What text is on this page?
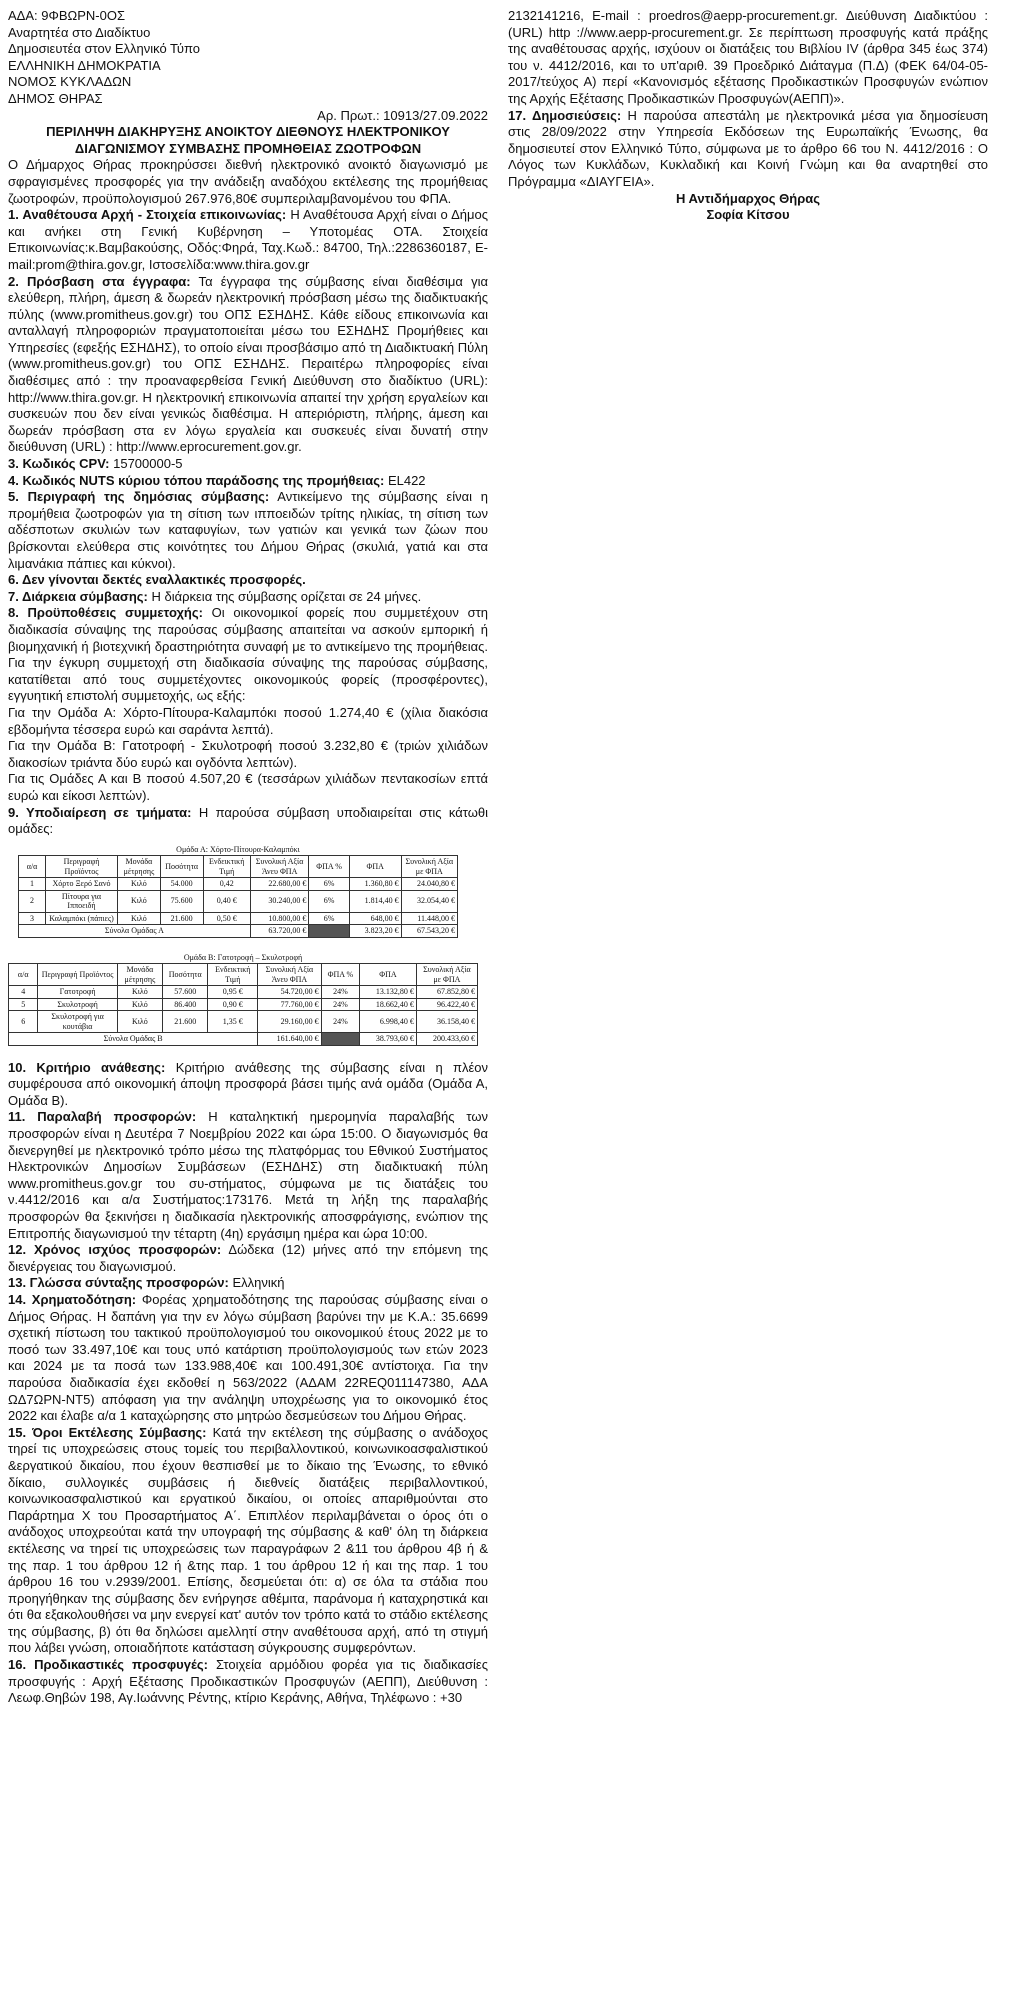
ΑΔΑ: 9ΦΒΩΡΝ-0ΟΣ
Αναρτητέα στο Διαδίκτυο
Δημοσιευτέα στον Ελληνικό Τύπο
ΕΛΛΗΝΙΚΗ ΔΗΜΟΚΡΑΤΙΑ
ΝΟΜΟΣ ΚΥΚΛΑΔΩΝ
ΔΗΜΟΣ ΘΗΡΑΣ
Αρ. Πρωτ.: 10913/27.09.2022
ΠΕΡΙΛΗΨΗ ΔΙΑΚΗΡΥΞΗΣ ΑΝΟΙΚΤΟΥ ΔΙΕΘΝΟΥΣ ΗΛΕΚΤΡΟΝΙΚΟΥ
ΔΙΑΓΩΝΙΣΜΟΥ ΣΥΜΒΑΣΗΣ ΠΡΟΜΗΘΕΙΑΣ ΖΩΟΤΡΟΦΩΝ

Ο Δήμαρχος Θήρας προκηρύσσει διεθνή ηλεκτρονικό ανοικτό διαγωνισμό με σφραγισμένες προσφορές για την ανάδειξη αναδόχου εκτέλεσης της προμήθειας ζωοτροφών, προϋπολογισμού 267.976,80€ συμπεριλαμβανομένου του ΦΠΑ.

1. Αναθέτουσα Αρχή - Στοιχεία επικοινωνίας: Η Αναθέτουσα Αρχή είναι ο Δήμος και ανήκει στη Γενική Κυβέρνηση – Υποτομέας ΟΤΑ. Στοιχεία Επικοινωνίας:κ.Βαμβακούσης, Οδός:Φηρά, Ταχ.Κωδ.: 84700, Τηλ.:2286360187, E-mail:prom@thira.gov.gr, Ιστοσελίδα:www.thira.gov.gr

2. Πρόσβαση στα έγγραφα: Τα έγγραφα της σύμβασης είναι διαθέσιμα για ελεύθερη, πλήρη, άμεση & δωρεάν ηλεκτρονική πρόσβαση μέσω της διαδικτυακής πύλης (www.promitheus.gov.gr) του ΟΠΣ ΕΣΗΔΗΣ. Κάθε είδους επικοινωνία και ανταλλαγή πληροφοριών πραγματοποιείται μέσω του ΕΣΗΔΗΣ Προμήθειες και Υπηρεσίες (εφεξής ΕΣΗΔΗΣ), το οποίο είναι προσβάσιμο από τη Διαδικτυακή Πύλη (www.promitheus.gov.gr) του ΟΠΣ ΕΣΗΔΗΣ. Περαιτέρω πληροφορίες είναι διαθέσιμες από : την προαναφερθείσα Γενική Διεύθυνση στο διαδίκτυο (URL): http://www.thira.gov.gr. Η ηλεκτρονική επικοινωνία απαιτεί την χρήση εργαλείων και συσκευών που δεν είναι γενικώς διαθέσιμα. Η απεριόριστη, πλήρης, άμεση και δωρεάν πρόσβαση στα εν λόγω εργαλεία και συσκευές είναι δυνατή στην διεύθυνση (URL) : http://www.eprocurement.gov.gr.

3. Κωδικός CPV: 15700000-5

4. Κωδικός NUTS κύριου τόπου παράδοσης της προμήθειας: EL422

5. Περιγραφή της δημόσιας σύμβασης: Αντικείμενο της σύμβασης είναι η προμήθεια ζωοτροφών για τη σίτιση των ιπποειδών τρίτης ηλικίας, τη σίτιση των αδέσποτων σκυλιών των καταφυγίων, των γατιών και γενικά των ζώων που βρίσκονται ελεύθερα στις κοινότητες του Δήμου Θήρας (σκυλιά, γατιά και στα λιμανάκια πάπιες και κύκνοι).

6. Δεν γίνονται δεκτές εναλλακτικές προσφορές.

7. Διάρκεια σύμβασης: Η διάρκεια της σύμβασης ορίζεται σε 24 μήνες.

8. Προϋποθέσεις συμμετοχής: Οι οικονομικοί φορείς που συμμετέχουν στη διαδικασία σύναψης της παρούσας σύμβασης απαιτείται να ασκούν εμπορική ή βιομηχανική ή βιοτεχνική δραστηριότητα συναφή με το αντικείμενο της προμήθειας. Για την έγκυρη συμμετοχή στη διαδικασία σύναψης της παρούσας σύμβασης, κατατίθεται από τους συμμετέχοντες οικονομικούς φορείς (προσφέροντες), εγγυητική επιστολή συμμετοχής, ως εξής:

Για την Ομάδα Α: Χόρτο-Πίτουρα-Καλαμπόκι ποσού 1.274,40 € (χίλια διακόσια εβδομήντα τέσσερα ευρώ και σαράντα λεπτά).

Για την Ομάδα Β: Γατοτροφή - Σκυλοτροφή ποσού 3.232,80 € (τριών χιλιάδων διακοσίων τριάντα δύο ευρώ και ογδόντα λεπτών).

Για τις Ομάδες Α και Β ποσού 4.507,20 € (τεσσάρων χιλιάδων πεντακοσίων επτά ευρώ και είκοσι λεπτών).

9. Υποδιαίρεση σε τμήματα: Η παρούσα σύμβαση υποδιαιρείται στις κάτωθι ομάδες:

Ομάδα Α: Χόρτο-Πίτουρα-Καλαμπόκι								
α/α	Περιγραφή Προϊόντος	Μονάδα μέτρησης	Ποσότητα	Ενδεικτική Τιμή	Συνολική Αξία Άνευ ΦΠΑ	ΦΠΑ %	ΦΠΑ	Συνολική Αξία με ΦΠΑ
1	Χόρτο Ξερό Σανό	Κιλό	54.000	0,42	22.680,00 €	6%	1.360,80 €	24.040,80 €
2	Πίτουρα για Ιπποειδή	Κιλό	75.600	0,40 €	30.240,00 €	6%	1.814,40 €	32.054,40 €
3	Καλαμπόκι (πάπιες)	Κιλό	21.600	0,50 €	10.800,00 €	6%	648,00 €	11.448,00 €
Σύνολα Ομάδας Α					63.720,00 €		3.823,20 €	67.543,20 €
Ομάδα Β: Γατοτροφή – Σκυλοτροφή								
α/α	Περιγραφή Προϊόντος	Μονάδα μέτρησης	Ποσότητα	Ενδεικτική Τιμή	Συνολική Αξία Άνευ ΦΠΑ	ΦΠΑ %	ΦΠΑ	Συνολική Αξία με ΦΠΑ
4	Γατοτροφή	Κιλό	57.600	0,95 €	54.720,00 €	24%	13.132,80 €	67.852,80 €
5	Σκυλοτροφή	Κιλό	86.400	0,90 €	77.760,00 €	24%	18.662,40 €	96.422,40 €
6	Σκυλοτροφή για κουτάβια	Κιλό	21.600	1,35 €	29.160,00 €	24%	6.998,40 €	36.158,40 €
Σύνολα Ομάδας Β					161.640,00 €		38.793,60 €	200.433,60 €

10. Κριτήριο ανάθεσης: Κριτήριο ανάθεσης της σύμβασης είναι η πλέον συμφέρουσα από οικονομική άποψη προσφορά βάσει τιμής ανά ομάδα (Ομάδα Α, Ομάδα Β).

11. Παραλαβή προσφορών: Η καταληκτική ημερομηνία παραλαβής των προσφορών είναι η Δευτέρα 7 Νοεμβρίου 2022 και ώρα 15:00. Ο διαγωνισμός θα διενεργηθεί με ηλεκτρονικό τρόπο μέσω της πλατφόρμας του Εθνικού Συστήματος Ηλεκτρονικών Δημοσίων Συμβάσεων (ΕΣΗΔΗΣ) στη διαδικτυακή πύλη www.promitheus.gov.gr του συ-στήματος, σύμφωνα με τις διατάξεις του ν.4412/2016 και α/α Συστήματος:173176. Μετά τη λήξη της παραλαβής προσφορών θα ξεκινήσει η διαδικασία ηλεκτρονικής αποσφράγισης, ενώπιον της Επιτροπής διαγωνισμού την τέταρτη (4η) εργάσιμη ημέρα και ώρα 10:00.

12. Χρόνος ισχύος προσφορών: Δώδεκα (12) μήνες από την επόμενη της διενέργειας του διαγωνισμού.

13. Γλώσσα σύνταξης προσφορών: Ελληνική

14. Χρηματοδότηση: Φορέας χρηματοδότησης της παρούσας σύμβασης είναι ο Δήμος Θήρας. Η δαπάνη για την εν λόγω σύμβαση βαρύνει την με Κ.Α.: 35.6699 σχετική πίστωση του τακτικού προϋπολογισμού του οικονομικού έτους 2022 με το ποσό των 33.497,10€ και τους υπό κατάρτιση προϋπολογισμούς των ετών 2023 και 2024 με τα ποσά των 133.988,40€ και 100.491,30€ αντίστοιχα. Για την παρούσα διαδικασία έχει εκδοθεί η 563/2022 (ΑΔΑΜ 22REQ011147380, ΑΔΑ ΩΔ7ΩΡΝ-ΝΤ5) απόφαση για την ανάληψη υποχρέωσης για το οικονομικό έτος 2022 και έλαβε α/α 1 καταχώρησης στο μητρώο δεσμεύσεων του Δήμου Θήρας.

15. Όροι Εκτέλεσης Σύμβασης: Κατά την εκτέλεση της σύμβασης ο ανάδοχος τηρεί τις υποχρεώσεις στους τομείς του περιβαλλοντικού, κοινωνικοασφαλιστικού &εργατικού δικαίου, που έχουν θεσπισθεί με το δίκαιο της Ένωσης, το εθνικό δίκαιο, συλλογικές συμβάσεις ή διεθνείς διατάξεις περιβαλλοντικού, κοινωνικοασφαλιστικού και εργατικού δικαίου, οι οποίες απαριθμούνται στο Παράρτημα Χ του Προσαρτήματος Α΄. Επιπλέον περιλαμβάνεται ο όρος ότι ο ανάδοχος υποχρεούται κατά την υπογραφή της σύμβασης & καθ' όλη τη διάρκεια εκτέλεσης να τηρεί τις υποχρεώσεις των παραγράφων 2 &11 του άρθρου 4β ή & της παρ. 1 του άρθρου 12 ή &της παρ. 1 του άρθρου 12 ή και της παρ. 1 του άρθρου 16 του ν.2939/2001. Επίσης, δεσμεύεται ότι: α) σε όλα τα στάδια που προηγήθηκαν της σύμβασης δεν ενήργησε αθέμιτα, παράνομα ή καταχρηστικά και ότι θα εξακολουθήσει να μην ενεργεί κατ' αυτόν τον τρόπο κατά το στάδιο εκτέλεσης της σύμβασης, β) ότι θα δηλώσει αμελλητί στην αναθέτουσα αρχή, από τη στιγμή που λάβει γνώση, οποιαδήποτε κατάσταση σύγκρουσης συμφερόντων.

16. Προδικαστικές προσφυγές: Στοιχεία αρμόδιου φορέα για τις διαδικασίες προσφυγής : Αρχή Εξέτασης Προδικαστικών Προσφυγών (ΑΕΠΠ), Διεύθυνση : Λεωφ.Θηβών 198, Αγ.Ιωάννης Ρέντης, κτίριο Κεράνης, Αθήνα, Τηλέφωνο : +30

2132141216, E-mail : proedros@aepp-procurement.gr. Διεύθυνση Διαδικτύου : (URL) http ://www.aepp-procurement.gr. Σε περίπτωση προσφυγής κατά πράξης της αναθέτουσας αρχής, ισχύουν οι διατάξεις του Βιβλίου IV (άρθρα 345 έως 374) του ν. 4412/2016, και το υπ'αριθ. 39 Προεδρικό Διάταγμα (Π.Δ) (ΦΕΚ 64/04-05-2017/τεύχος Α) περί «Κανονισμός εξέτασης Προδικαστικών Προσφυγών ενώπιον της Αρχής Εξέτασης Προδικαστικών Προσφυγών(ΑΕΠΠ)».

17. Δημοσιεύσεις: Η παρούσα απεστάλη με ηλεκτρονικά μέσα για δημοσίευση στις 28/09/2022 στην Υπηρεσία Εκδόσεων της Ευρωπαϊκής Ένωσης, θα δημοσιευτεί στον Ελληνικό Τύπο, σύμφωνα με το άρθρο 66 του Ν. 4412/2016 : Ο Λόγος των Κυκλάδων, Κυκλαδική και Κοινή Γνώμη και θα αναρτηθεί στο Πρόγραμμα «ΔΙΑΥΓΕΙΑ».

Η Αντιδήμαρχος Θήρας
Σοφία Κίτσου
